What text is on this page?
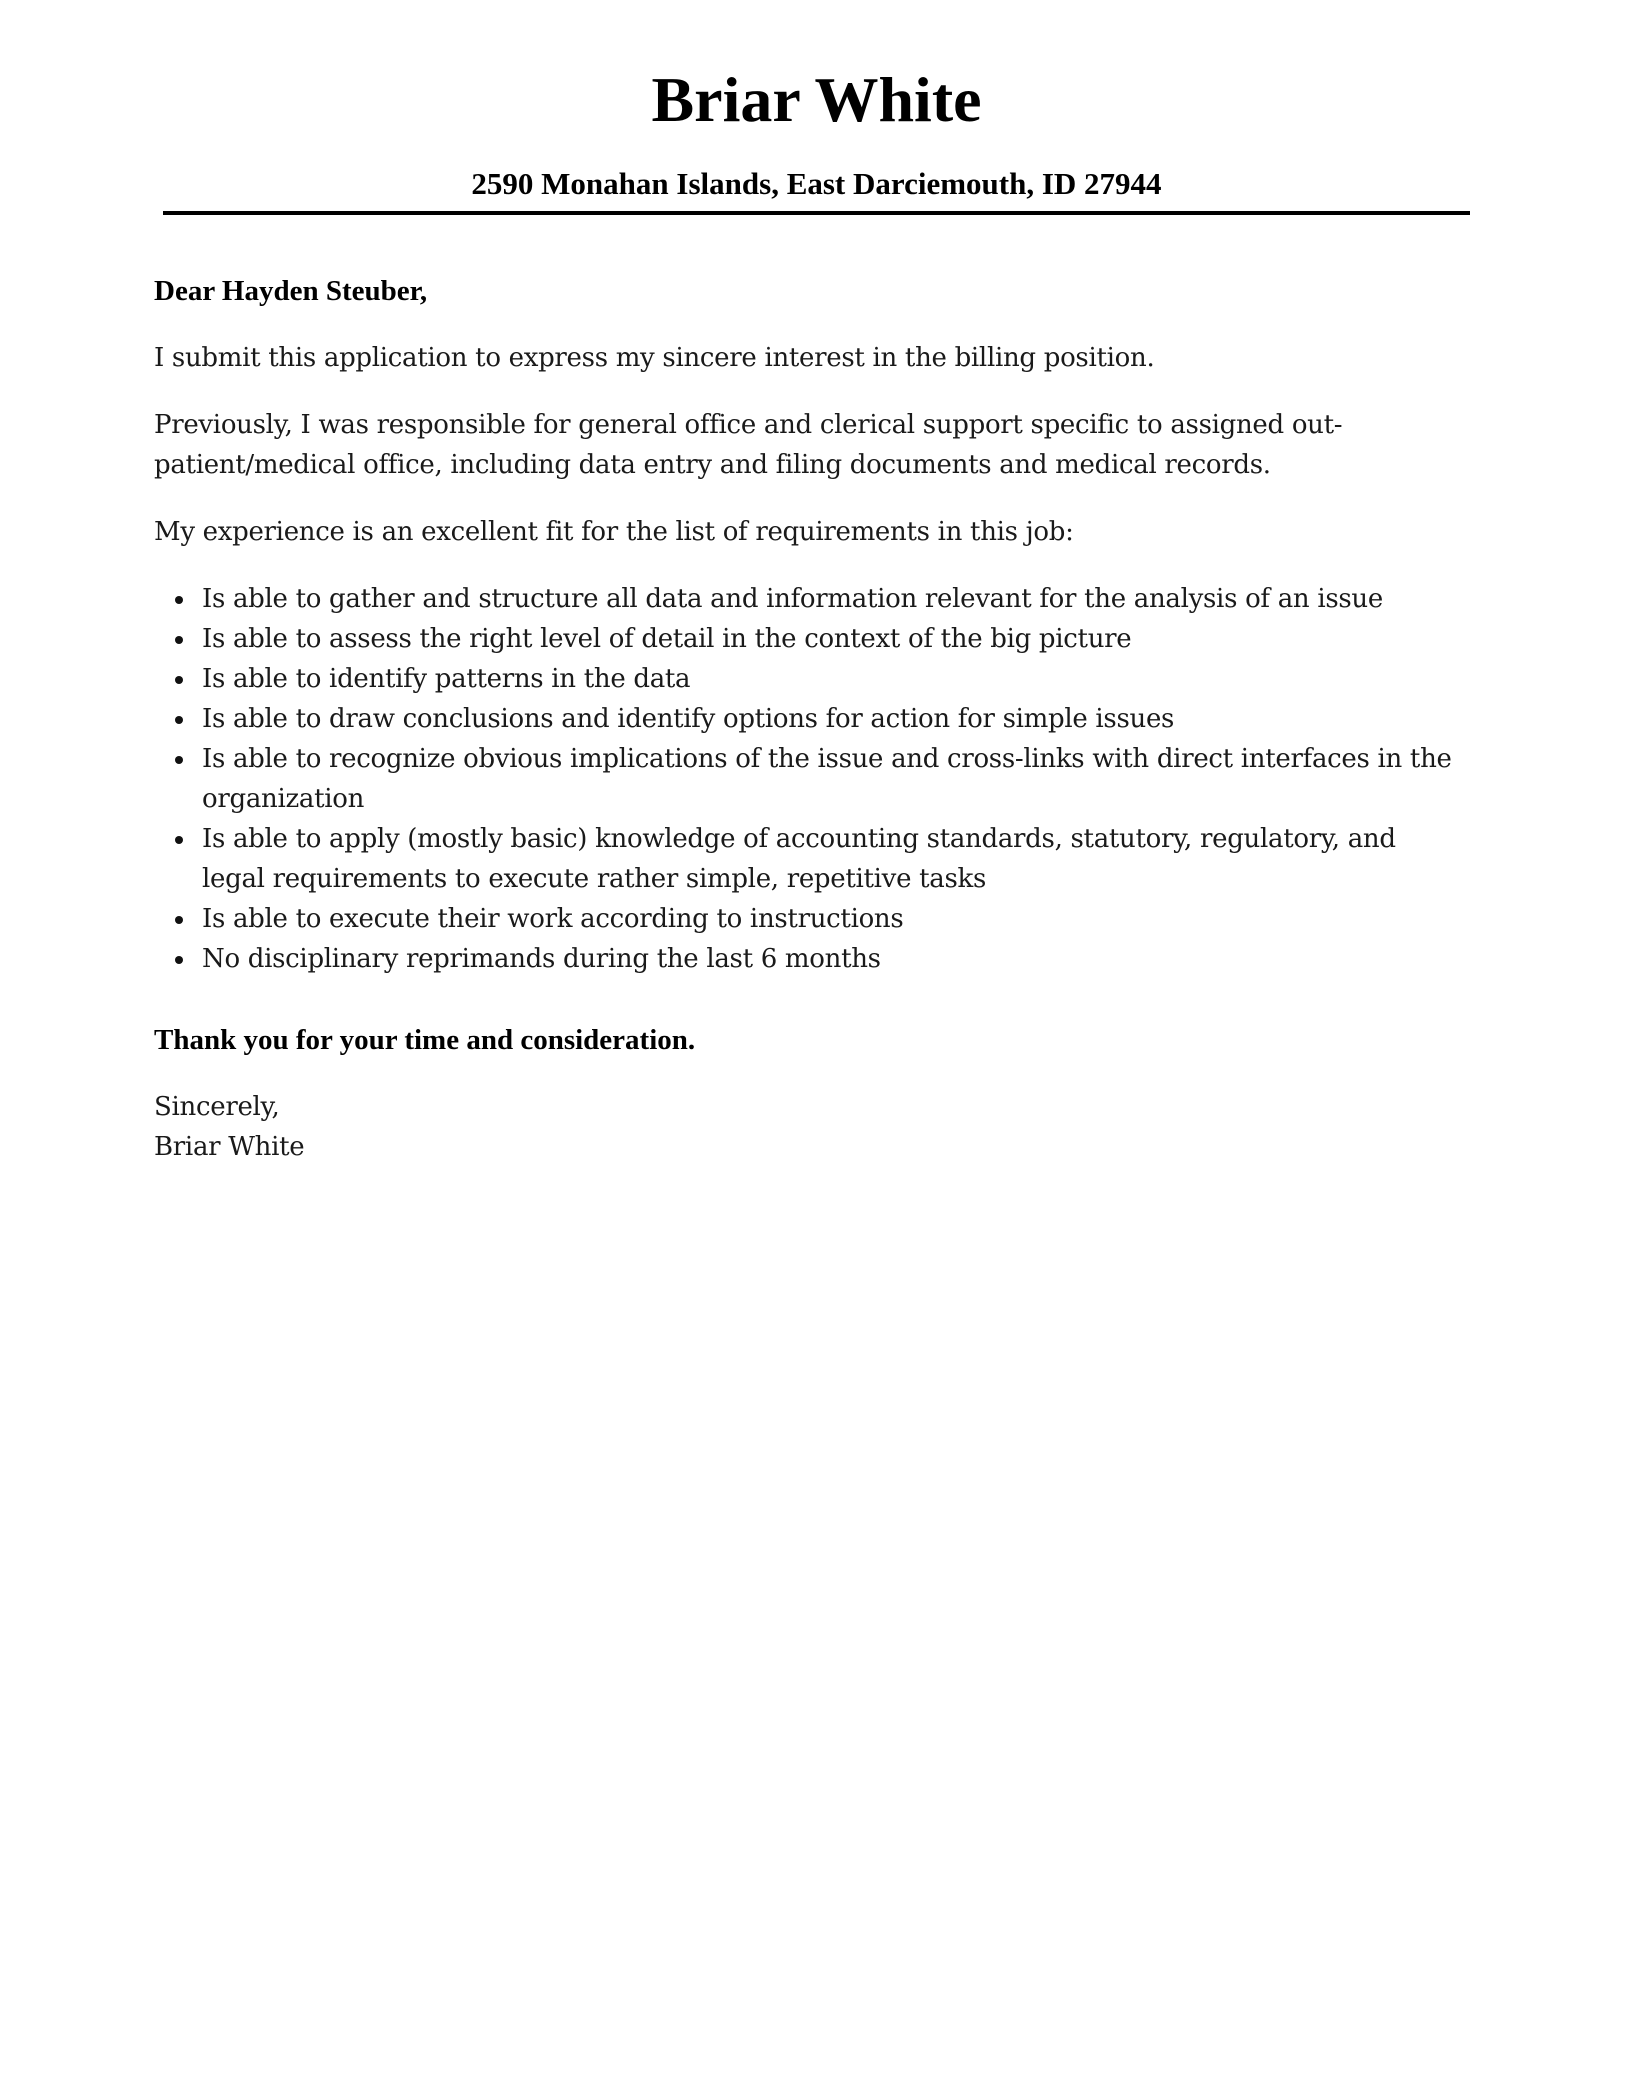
Briar White
2590 Monahan Islands, East Darciemouth, ID 27944

Dear Hayden Steuber,

I submit this application to express my sincere interest in the billing position.

Previously, I was responsible for general office and clerical support specific to assigned out-patient/medical office, including data entry and filing documents and medical records.

My experience is an excellent fit for the list of requirements in this job:

Is able to gather and structure all data and information relevant for the analysis of an issue
Is able to assess the right level of detail in the context of the big picture
Is able to identify patterns in the data
Is able to draw conclusions and identify options for action for simple issues
Is able to recognize obvious implications of the issue and cross-links with direct interfaces in the organization
Is able to apply (mostly basic) knowledge of accounting standards, statutory, regulatory, and legal requirements to execute rather simple, repetitive tasks
Is able to execute their work according to instructions
No disciplinary reprimands during the last 6 months

Thank you for your time and consideration.

Sincerely,

Briar White
